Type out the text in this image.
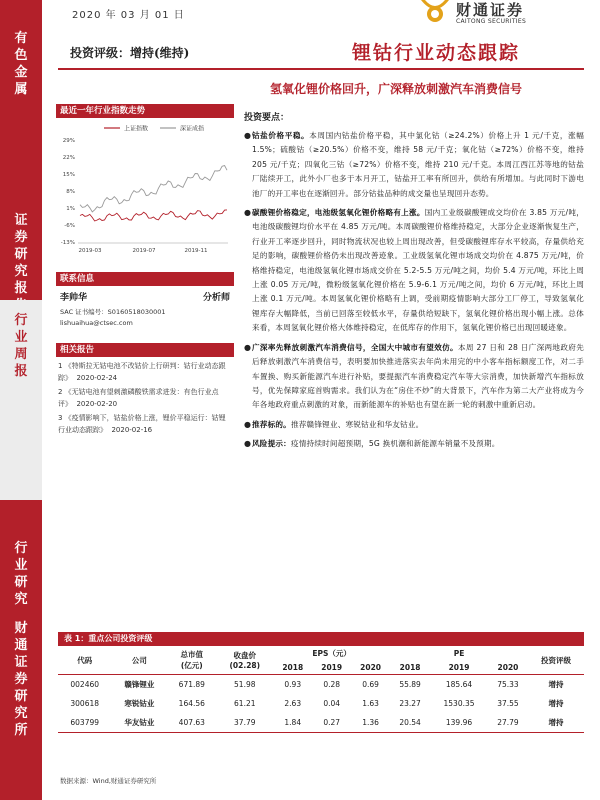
有
色
金
属
证
券
研
究
报
行
业
周
报
行
业
研
究
财
通
证
券
研
究
所
2020 年 03 月 01 日	财通证券
CAITONG SECURITIES
投资评级：增持(维持)	锂钴行业动态跟踪
氢氧化锂价格回升，广深释放刺激汽车消费信号
最近一年行业指数走势
上证指数	深证成指
29%
22%
15%
8%
1%
-6%
-13%
2019-03	2019-07	2019-11
联系信息
李帅华	分析师
SAC 证书编号：S0160518030001
lishuaihua@ctsec.com
相关报告
1 《特斯拉无钴电池不改钴价上行研判：钴行业动态跟踪》 2020-02-24
2 《无钴电池有望刺激磷酸铁需求进发：有色行业点评》 2020-02-20
3 《疫情影响下，钴盐价格上涨，锂价平稳运行：钴锂行业动态跟踪》 2020-02-16
投资要点：
● 钴盐价格平稳。本周国内钴盐价格平稳，其中氯化钴（≥24.2%）价格上升 1 元/千克，涨幅 1.5%；硫酸钴（≥20.5%）价格不变，维持 58 元/千克；氧化钴（≥72%）价格不变，维持 205 元/千克；四氧化三钴（≥72%）价格不变，维持 210 元/千克。本周江西江苏等地的钴盐厂陆续开工，此外小厂也多于本月开工，钴盐开工率有所回升，供给有所增加。与此同时下游电池厂的开工率也在逐渐回升。部分钴盐品种的成交量也呈现回升态势。
● 碳酸锂价格稳定，电池级氢氧化锂价格略有上涨。国内工业级碳酸锂成交均价在 3.85 万元/吨，电池级碳酸锂均价水平在 4.85 万元/吨。本周碳酸锂价格维持稳定，大部分企业逐渐恢复生产，行业开工率逐步回升，同时物流状况也较上周出现改善，但受碳酸锂库存水平较高，存量供给充足的影响，碳酸锂价格仍未出现改善迹象。工业级氢氧化锂市场成交均价在 4.875 万元/吨，价格维持稳定，电池级氢氧化锂市场成交价在 5.2-5.5 万元/吨之间，均价 5.4 万元/吨，环比上周上涨 0.05 万元/吨，微粉级氢氧化锂价格在 5.9-6.1 万元/吨之间，均价 6 万元/吨，环比上周上涨 0.1 万元/吨。本周氢氧化锂价格略有上调，受前期疫情影响大部分工厂停工，导致氢氧化锂库存大幅降低，当前已回落至较低水平，存量供给短缺下，氢氧化锂价格出现小幅上涨。总体来看，本周氢氧化锂价格大体维持稳定，在低库存的作用下，氢氧化锂价格已出现回暖迹象。
● 广深率先释放刺激汽车消费信号，全国大中城市有望效仿。本周 27 日和 28 日广深两地政府先后释放刺激汽车消费信号，表明要加快推进落实去年尚未用完的中小客车指标额度工作，对二手车置换、购买新能源汽车进行补贴，要提振汽车消费稳定汽车等大宗消费，加快新增汽车指标放号，优先保障家庭首购需求。我们认为在“房住不炒”的大背景下，汽车作为第二大产业将成为今年各地政府重点刺激的对象，而新能源车的补贴也有望在新一轮的刺激中重新启动。
● 推荐标的。推荐赣锋锂业、寒锐钴业和华友钴业。
● 风险提示：疫情持续时间超预期，5G 换机潮和新能源车销量不及预期。
表 1：重点公司投资评级
代码	公司	总市值
(亿元)	收盘价
(02.28)	EPS（元）			PE			投资评级
				2018	2019	2020	2018	2019	2020	
002460	赣锋锂业	671.89	51.98	0.93	0.28	0.69	55.89	185.64	75.33	增持
300618	寒锐钴业	164.56	61.21	2.63	0.04	1.63	23.27	1530.35	37.55	增持
603799	华友钴业	407.63	37.79	1.84	0.27	1.36	20.54	139.96	27.79	增持
数据来源：Wind,财通证券研究所
